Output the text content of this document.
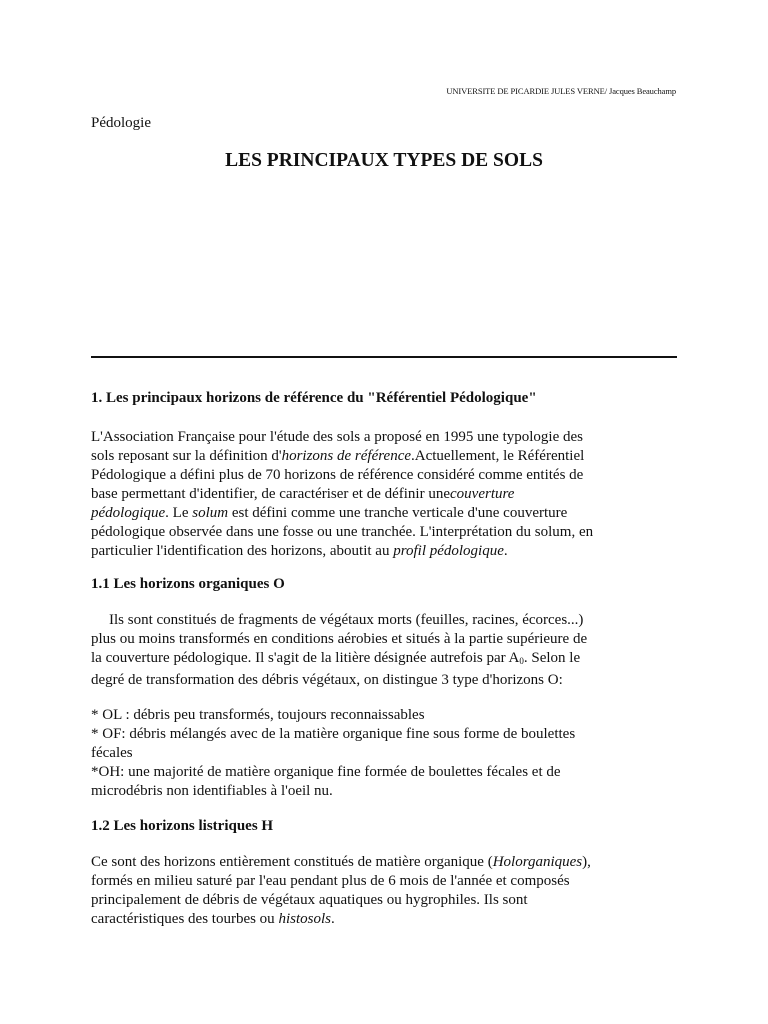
UNIVERSITE DE PICARDIE JULES VERNE/ Jacques Beauchamp
Pédologie
LES PRINCIPAUX TYPES DE SOLS
1. Les principaux horizons de référence du "Référentiel Pédologique"
L'Association Française pour l'étude des sols a proposé en 1995 une typologie des
sols reposant sur la définition d'horizons de référence.Actuellement, le Référentiel
Pédologique a défini plus de 70 horizons de référence considéré comme entités de
base permettant d'identifier, de caractériser et de définir unecouverture
pédologique. Le solum est défini comme une tranche verticale d'une couverture
pédologique observée dans une fosse ou une tranchée. L'interprétation du solum, en
particulier l'identification des horizons, aboutit au profil pédologique.
1.1 Les horizons organiques O
Ils sont constitués de fragments de végétaux morts (feuilles, racines, écorces...)
plus ou moins transformés en conditions aérobies et situés à la partie supérieure de
la couverture pédologique. Il s'agit de la litière désignée autrefois par $A_0$. Selon le
degré de transformation des débris végétaux, on distingue 3 type d'horizons O:
* OL : débris peu transformés, toujours reconnaissables
* OF: débris mélangés avec de la matière organique fine sous forme de boulettes
fécales
*OH: une majorité de matière organique fine formée de boulettes fécales et de
microdébris non identifiables à l'oeil nu.
1.2 Les horizons listriques H
Ce sont des horizons entièrement constitués de matière organique (Holorganiques),
formés en milieu saturé par l'eau pendant plus de 6 mois de l'année et composés
principalement de débris de végétaux aquatiques ou hygrophiles. Ils sont
caractéristiques des tourbes ou histosols.
